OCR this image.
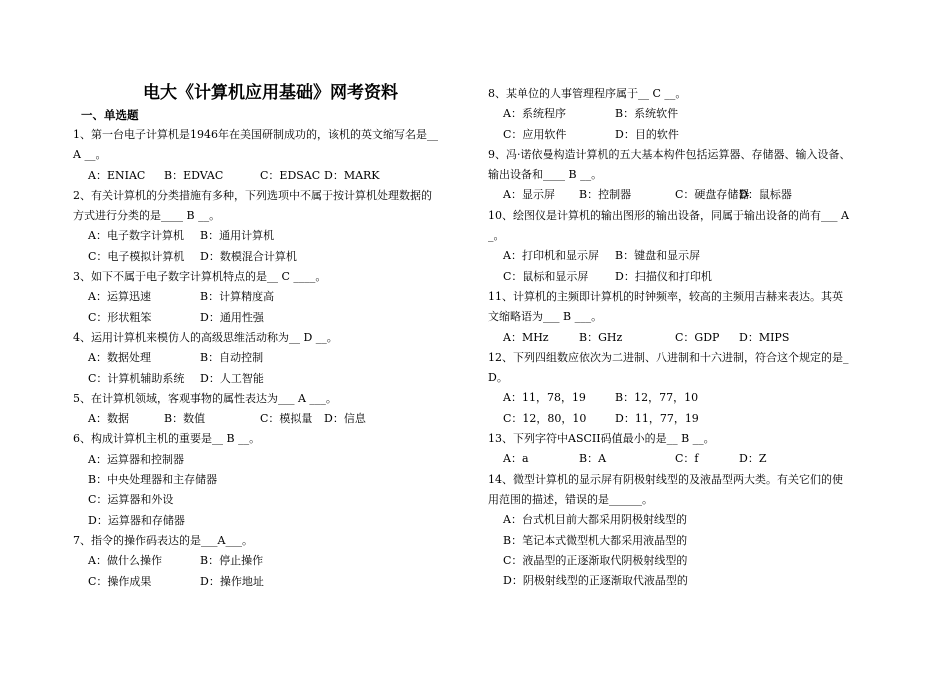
电大《计算机应用基础》网考资料
一、单选题
1、第一台电子计算机是1946年在美国研制成功的，该机的英文缩写名是__
A __。
A：ENIAC	B：EDVAC	C：EDSAC D：MARK
2、有关计算机的分类措施有多种，下列选项中不属于按计算机处理数据的
方式进行分类的是____ B __。
A：电子数字计算机	B：通用计算机
C：电子模拟计算机	D：数模混合计算机
3、如下不属于电子数字计算机特点的是__ C ____。
A：运算迅速	B：计算精度高
C：形状粗笨	D：通用性强
4、运用计算机来模仿人的高级思维活动称为__ D __。
A：数据处理	B：自动控制
C：计算机辅助系统	D：人工智能
5、在计算机领域，客观事物的属性表达为___ A ___。
A：数据	B：数值	C：模拟量	D：信息
6、构成计算机主机的重要是__ B __。
A：运算器和控制器
B：中央处理器和主存储器
C：运算器和外设
D：运算器和存储器
7、指令的操作码表达的是___A___。
A：做什么操作	B：停止操作
C：操作成果	D：操作地址
8、某单位的人事管理程序属于__ C __。
A：系统程序	B：系统软件
C：应用软件	D：目的软件
9、冯·诺依曼构造计算机的五大基本构件包括运算器、存储器、输入设备、
输出设备和____ B __。
A：显示屏	B：控制器	C：硬盘存储器
D：鼠标器
10、绘图仪是计算机的输出图形的输出设备，同属于输出设备的尚有___ A
_。
A：打印机和显示屏	B：键盘和显示屏
C：鼠标和显示屏	D：扫描仪和打印机
11、计算机的主频即计算机的时钟频率，较高的主频用吉赫来表达。其英
文缩略语为___ B ___。
A：MHz	B：GHz	C：GDP	D：MIPS
12、下列四组数应依次为二进制、八进制和十六进制，符合这个规定的是_
D。
A：11，78，19	B：12，77，10
C：12，80，10	D：11，77，19
13、下列字符中ASCII码值最小的是__ B __。
A：a	B：A	C：f	D：Z
14、微型计算机的显示屏有阴极射线型的及液晶型两大类。有关它们的使
用范围的描述，错误的是______。
A：台式机目前大都采用阴极射线型的
B：笔记本式微型机大都采用液晶型的
C：液晶型的正逐渐取代阴极射线型的
D：阴极射线型的正逐渐取代液晶型的
